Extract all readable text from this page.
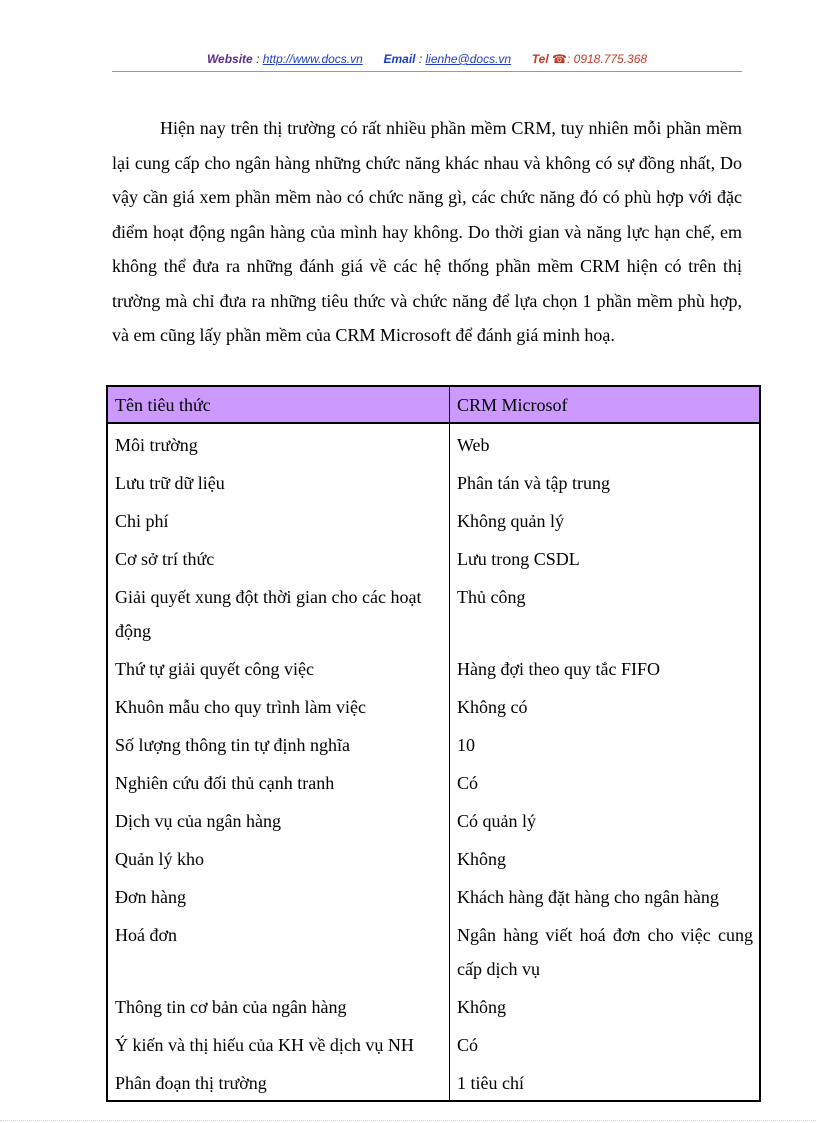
Website : http://www.docs.vn Email : lienhe@docs.vn Tel ☎: 0918.775.368

Hiện nay trên thị trường có rất nhiều phần mềm CRM, tuy nhiên mỗi phần mềm lại cung cấp cho ngân hàng những chức năng khác nhau và không có sự đồng nhất, Do vậy cần giá xem phần mềm nào có chức năng gì, các chức năng đó có phù hợp với đặc điểm hoạt động ngân hàng của mình hay không. Do thời gian và năng lực hạn chế, em không thể đưa ra những đánh giá về các hệ thống phần mềm CRM hiện có trên thị trường mà chỉ đưa ra những tiêu thức và chức năng để lựa chọn 1 phần mềm phù hợp, và em cũng lấy phần mềm của CRM Microsoft để đánh giá minh hoạ.

Tên tiêu thức	CRM Microsof
Môi trường	Web
Lưu trữ dữ liệu	Phân tán và tập trung
Chi phí	Không quản lý
Cơ sở trí thức	Lưu trong CSDL
Giải quyết xung đột thời gian cho các hoạt động	Thủ công
Thứ tự giải quyết công việc	Hàng đợi theo quy tắc FIFO
Khuôn mẫu cho quy trình làm việc	Không có
Số lượng thông tin tự định nghĩa	10
Nghiên cứu đối thủ cạnh tranh	Có
Dịch vụ của ngân hàng	Có quản lý
Quản lý kho	Không
Đơn hàng	Khách hàng đặt hàng cho ngân hàng
Hoá đơn	Ngân hàng viết hoá đơn cho việc cung cấp dịch vụ
Thông tin cơ bản của ngân hàng	Không
Ý kiến và thị hiếu của KH về dịch vụ NH	Có
Phân đoạn thị trường	1 tiêu chí
